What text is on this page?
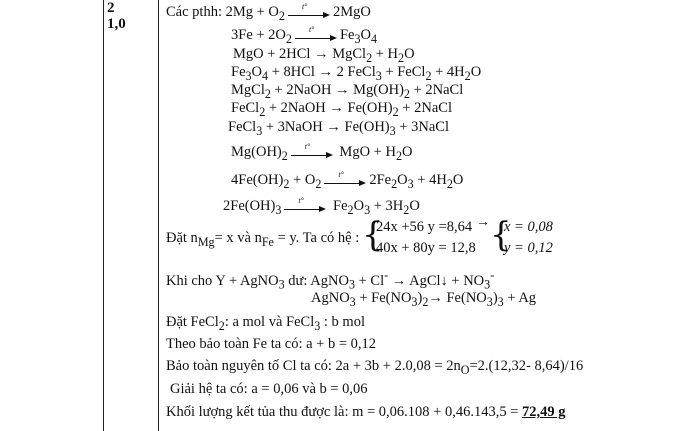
2
1,0
Các pthh: $2Mg + O_2$
t° 2MgO
$3Fe + 2O_2$
t° $Fe_3O_4$
MgO + 2HCl → MgCl$_2$ + $H_2O$
$Fe_3O_4 + 8HCl \to 2$ FeCl$_3$ + FeCl$_2$ + $4H_2O$
MgCl$_2$ + 2NaOH → $Mg(OH)_2$ + 2NaCl
FeCl$_2$ + 2NaOH → $Fe(OH)_2$ + 2NaCl
FeCl$_3$ + 3NaOH → $Fe(OH)_3$ + 3NaCl
$Mg(OH)_2$
t° MgO + $H_2O$
$4Fe(OH)_2 + O_2$
t° $2Fe_2O_3 + 4H_2O$
$2Fe(OH)_3$
t° $Fe_2O_3 + 3H_2O$
Đặt $n_{Mg}= x$ và $n_{Fe} = y$. Ta có hệ : {
24x +56 y =8,64
40x + 80y = 12,8 {
→ x = 0,08
y = 0,12
Khi cho Y + AgNO$_3$ dư: AgNO$_3$ + Cl- → AgCl↓ + $NO_3^-$
AgNO$_3$ + $Fe(NO_3)_2\to Fe(NO_3)_3 + Ag$
Đặt FeCl$_2$: a mol và FeCl$_3$ : b mol
Theo bảo toàn Fe ta có: a + b = 0,12
Bảo toàn nguyên tố Cl ta có: $2a + 3b + 2.0,08 = 2n_O=2.(12,32-$ 8,64)/16
Giải hệ ta có: a = 0,06 và b = 0,06
Khối lượng kết tủa thu được là: m = 0,06.108 + 0,46.143,5 = 72,49 g
